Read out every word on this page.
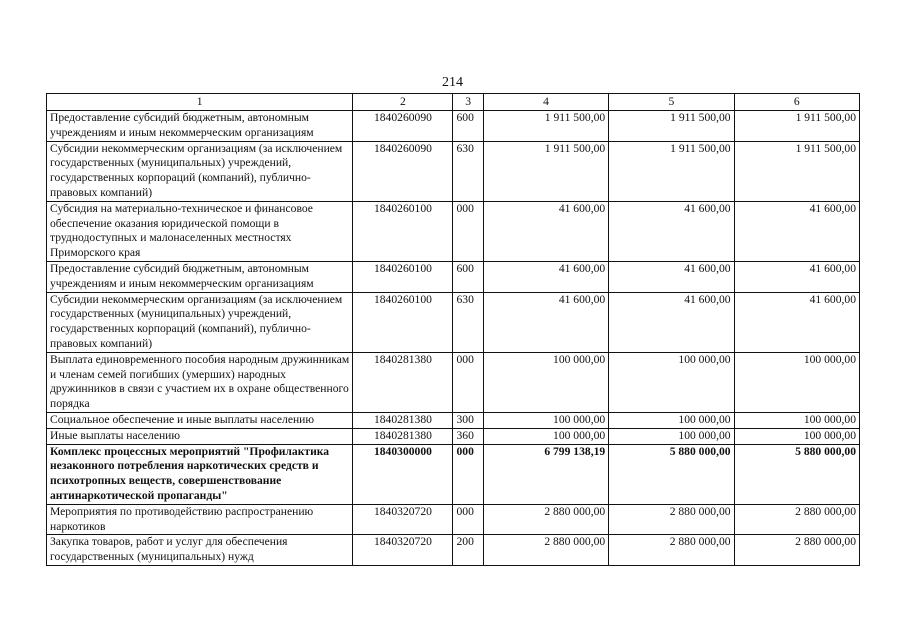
214
1	2	3	4	5	6
Предоставление субсидий бюджетным, автономным учреждениям и иным некоммерческим организациям	1840260090	600	1 911 500,00	1 911 500,00	1 911 500,00
Субсидии некоммерческим организациям (за исключением государственных (муниципальных) учреждений, государственных корпораций (компаний), публично-правовых компаний)	1840260090	630	1 911 500,00	1 911 500,00	1 911 500,00
Субсидия на материально-техническое и финансовое обеспечение оказания юридической помощи в труднодоступных и малонаселенных местностях Приморского края	1840260100	000	41 600,00	41 600,00	41 600,00
Предоставление субсидий бюджетным, автономным учреждениям и иным некоммерческим организациям	1840260100	600	41 600,00	41 600,00	41 600,00
Субсидии некоммерческим организациям (за исключением государственных (муниципальных) учреждений, государственных корпораций (компаний), публично-правовых компаний)	1840260100	630	41 600,00	41 600,00	41 600,00
Выплата единовременного пособия народным дружинникам и членам семей погибших (умерших) народных дружинников в связи с участием их в охране общественного порядка	1840281380	000	100 000,00	100 000,00	100 000,00
Социальное обеспечение и иные выплаты населению	1840281380	300	100 000,00	100 000,00	100 000,00
Иные выплаты населению	1840281380	360	100 000,00	100 000,00	100 000,00
Комплекс процессных мероприятий "Профилактика незаконного потребления наркотических средств и психотропных веществ, совершенствование антинаркотической пропаганды"	1840300000	000	6 799 138,19	5 880 000,00	5 880 000,00
Мероприятия по противодействию распространению наркотиков	1840320720	000	2 880 000,00	2 880 000,00	2 880 000,00
Закупка товаров, работ и услуг для обеспечения государственных (муниципальных) нужд	1840320720	200	2 880 000,00	2 880 000,00	2 880 000,00
